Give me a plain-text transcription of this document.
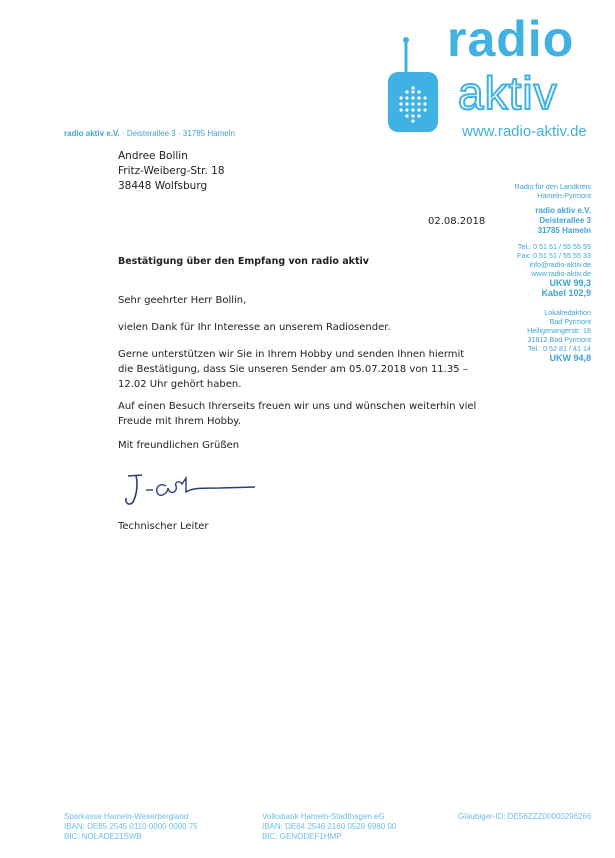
radio
aktiv
www.radio-aktiv.de
radio aktiv e.V. · Deisterallee 3 · 31785 Hameln
Andree Bollin
Fritz-Weiberg-Str. 18
38448 Wolfsburg	Radio für den Landkreis
Hameln-Pyrmont
radio aktiv e.V.
Deisterallee 3
31785 Hameln
Tel.: 0 51 51 / 55 55 55
Fax: 0 51 51 / 55 55 33
info@radio-aktiv.de
www.radio-aktiv.de
UKW 99,3
Kabel 102,9
Lokalredaktion
Bad Pyrmont
Heiligenangerstr. 18
31812 Bad Pyrmont
Tel.: 0 52 81 / 41 14
UKW 94,8
02.08.2018
Bestätigung über den Empfang von radio aktiv
Sehr geehrter Herr Bollin,
vielen Dank für Ihr Interesse an unserem Radiosender.
Gerne unterstützen wir Sie in Ihrem Hobby und senden Ihnen hiermit die Bestätigung, dass Sie unseren Sender am 05.07.2018 von 11.35 – 12.02 Uhr gehört haben.
Auf einen Besuch Ihrerseits freuen wir uns und wünschen weiterhin viel Freude mit Ihrem Hobby.
Mit freundlichen Grüßen
Technischer Leiter
Sparkasse Hameln-Weserbergland
IBAN: DE85 2545 0110 0000 0000 75
BIC: NOLADE21SWB
Volksbank Hameln-Stadthagen eG
IBAN: DE84 2546 2160 0528 6980 00
BIC: GENODEF1HMP
Gläubiger-ID: DE56ZZZ00000296266
